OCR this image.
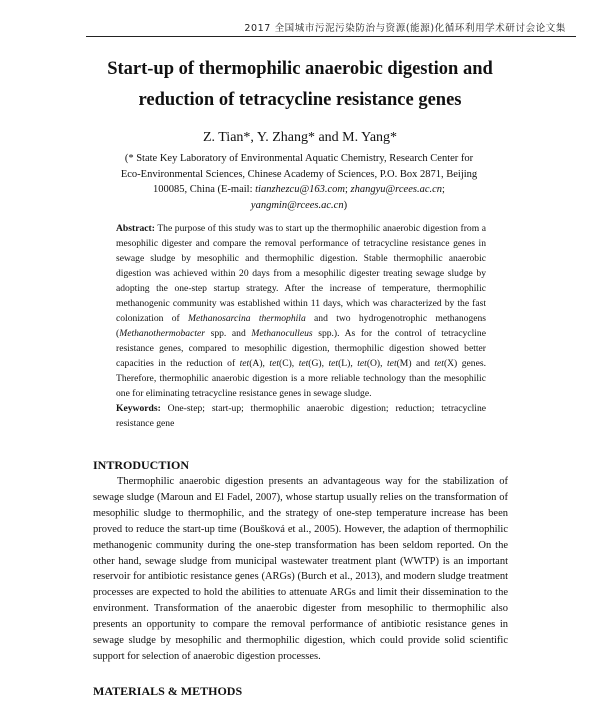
2017 全国城市污泥污染防治与资源(能源)化循环利用学术研讨会论文集
Start-up of thermophilic anaerobic digestion and
reduction of tetracycline resistance genes
Z. Tian*, Y. Zhang* and M. Yang*
(* State Key Laboratory of Environmental Aquatic Chemistry, Research Center for
Eco-Environmental Sciences, Chinese Academy of Sciences, P.O. Box 2871, Beijing
100085, China (E-mail: tianzhezcu@163.com; zhangyu@rcees.ac.cn;
yangmin@rcees.ac.cn)

Abstract: The purpose of this study was to start up the thermophilic anaerobic digestion from a mesophilic digester and compare the removal performance of tetracycline resistance genes in sewage sludge by mesophilic and thermophilic digestion. Stable thermophilic anaerobic digestion was achieved within 20 days from a mesophilic digester treating sewage sludge by adopting the one-step startup strategy. After the increase of temperature, thermophilic methanogenic community was established within 11 days, which was characterized by the fast colonization of Methanosarcina thermophila and two hydrogenotrophic methanogens (Methanothermobacter spp. and Methanoculleus spp.). As for the control of tetracycline resistance genes, compared to mesophilic digestion, thermophilic digestion showed better capacities in the reduction of tet(A), tet(C), tet(G), tet(L), tet(O), tet(M) and tet(X) genes. Therefore, thermophilic anaerobic digestion is a more reliable technology than the mesophilic one for eliminating tetracycline resistance genes in sewage sludge.

Keywords: One-step; start-up; thermophilic anaerobic digestion; reduction; tetracycline resistance gene

INTRODUCTION

Thermophilic anaerobic digestion presents an advantageous way for the stabilization of sewage sludge (Maroun and El Fadel, 2007), whose startup usually relies on the transformation of mesophilic sludge to thermophilic, and the strategy of one-step temperature increase has been proved to reduce the start-up time (Boušková et al., 2005). However, the adaption of thermophilic methanogenic community during the one-step transformation has been seldom reported. On the other hand, sewage sludge from municipal wastewater treatment plant (WWTP) is an important reservoir for antibiotic resistance genes (ARGs) (Burch et al., 2013), and modern sludge treatment processes are expected to hold the abilities to attenuate ARGs and limit their dissemination to the environment. Transformation of the anaerobic digester from mesophilic to thermophilic also presents an opportunity to compare the removal performance of antibiotic resistance genes in sewage sludge by mesophilic and thermophilic digestion, which could provide solid scientific support for selection of anaerobic digestion processes.

MATERIALS & METHODS
